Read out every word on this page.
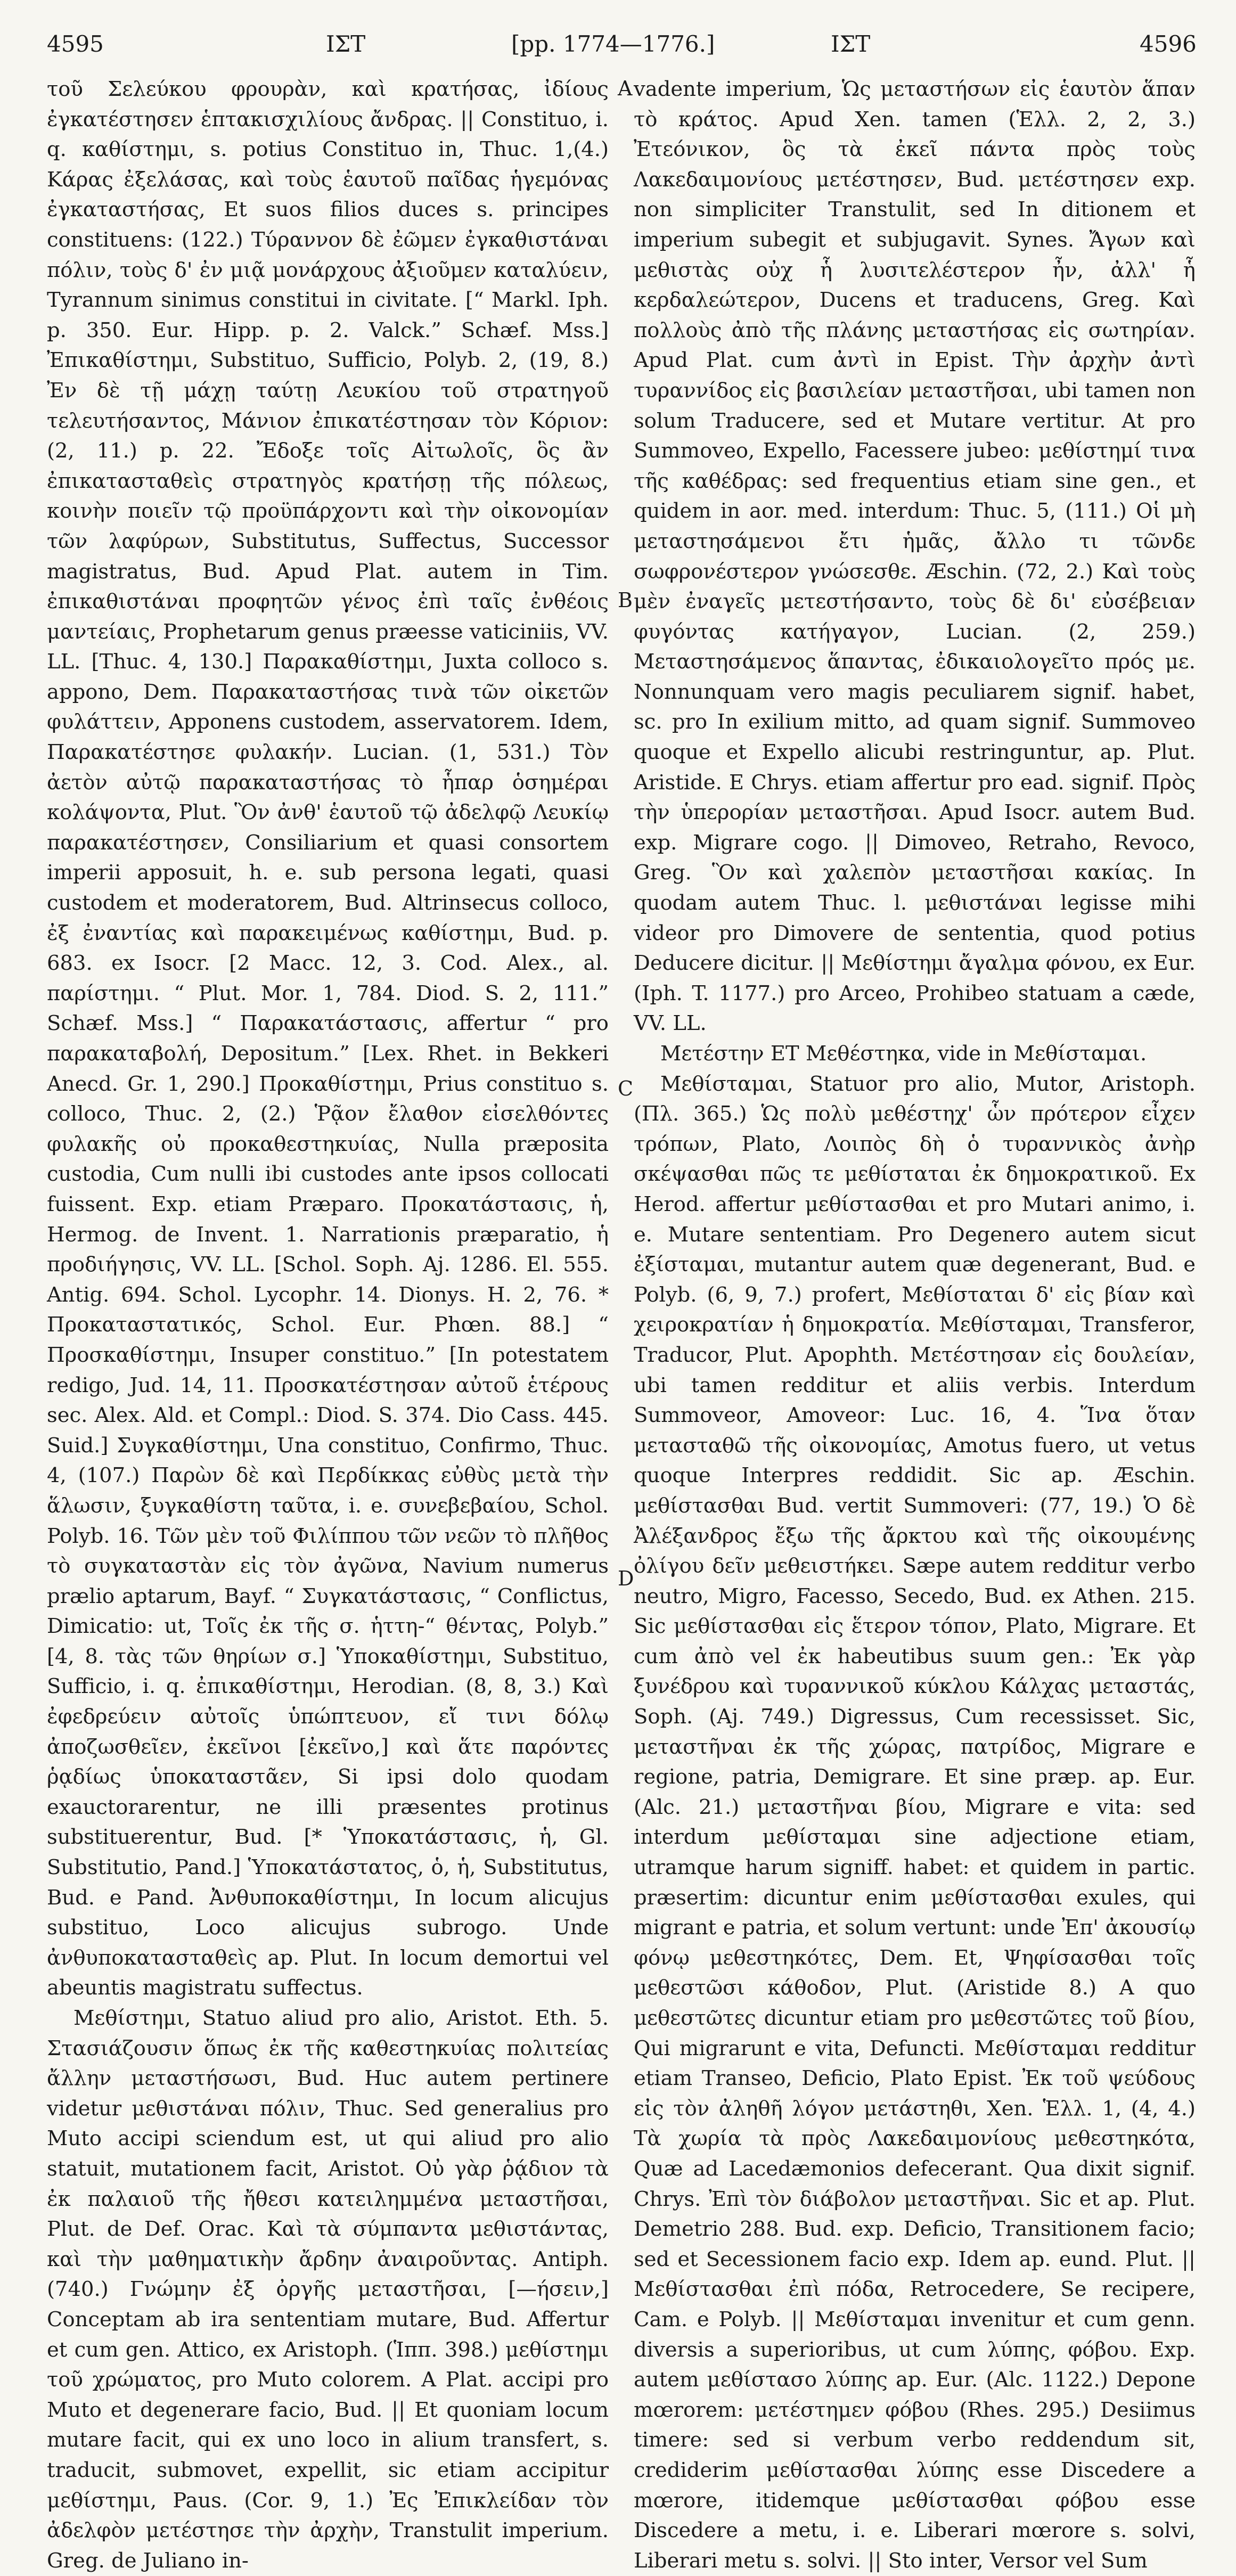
4595	ΙΣΤ	[pp. 1774—1776.]	ΙΣΤ	4596
A
B
C
D

τοῦ Σελεύκου φρουρὰν, καὶ κρατήσας, ἰδίους ἐγκατέστησεν ἑπτακισχιλίους ἄνδρας. || Constituo, i. q. καθίστημι, s. potius Constituo in, Thuc. 1,(4.) Κάρας ἐξελάσας, καὶ τοὺς ἑαυτοῦ παῖδας ἡγεμόνας ἐγκαταστήσας, Et suos filios duces s. principes constituens: (122.) Τύραννον δὲ ἐῶμεν ἐγκαθιστάναι πόλιν, τοὺς δ' ἐν μιᾷ μονάρχους ἀξιοῦμεν καταλύειν, Tyrannum sinimus constitui in civitate. [“ Markl. Iph. p. 350. Eur. Hipp. p. 2. Valck.” Schæf. Mss.] Ἐπικαθίστημι, Substituo, Sufficio, Polyb. 2, (19, 8.) Ἐν δὲ τῇ μάχῃ ταύτῃ Λευκίου τοῦ στρατηγοῦ τελευτήσαντος, Μάνιον ἐπικατέστησαν τὸν Κόριον: (2, 11.) p. 22. Ἔδοξε τοῖς Αἰτωλοῖς, ὃς ἂν ἐπικατασταθεὶς στρατηγὸς κρατήσῃ τῆς πόλεως, κοινὴν ποιεῖν τῷ προϋπάρχοντι καὶ τὴν οἰκονομίαν τῶν λαφύρων, Substitutus, Suffectus, Successor magistratus, Bud. Apud Plat. autem in Tim. ἐπικαθιστάναι προφητῶν γένος ἐπὶ ταῖς ἐνθέοις μαντείαις, Prophetarum genus præesse vaticiniis, VV. LL. [Thuc. 4, 130.] Παρακαθίστημι, Juxta colloco s. appono, Dem. Παρακαταστήσας τινὰ τῶν οἰκετῶν φυλάττειν, Apponens custodem, asservatorem. Idem, Παρακατέστησε φυλακήν. Lucian. (1, 531.) Τὸν ἀετὸν αὐτῷ παρακαταστήσας τὸ ἧπαρ ὁσημέραι κολάψοντα, Plut. Ὃν ἀνθ' ἑαυτοῦ τῷ ἀδελφῷ Λευκίῳ παρακατέστησεν, Consiliarium et quasi consortem imperii apposuit, h. e. sub persona legati, quasi custodem et moderatorem, Bud. Altrinsecus colloco, ἐξ ἐναντίας καὶ παρακειμένως καθίστημι, Bud. p. 683. ex Isocr. [2 Macc. 12, 3. Cod. Alex., al. παρίστημι. “ Plut. Mor. 1, 784. Diod. S. 2, 111.” Schæf. Mss.] “ Παρακατάστασις, affertur “ pro παρακαταβολή, Depositum.” [Lex. Rhet. in Bekkeri Anecd. Gr. 1, 290.] Προκαθίστημι, Prius constituo s. colloco, Thuc. 2, (2.) Ῥᾷον ἔλαθον εἰσελθόντες φυλακῆς οὐ προκαθεστηκυίας, Nulla præposita custodia, Cum nulli ibi custodes ante ipsos collocati fuissent. Exp. etiam Præparo. Προκατάστασις, ἡ, Hermog. de Invent. 1. Narrationis præparatio, ἡ προδιήγησις, VV. LL. [Schol. Soph. Aj. 1286. El. 555. Antig. 694. Schol. Lycophr. 14. Dionys. H. 2, 76. * Προκαταστατικός, Schol. Eur. Phœn. 88.] “ Προσκαθίστημι, Insuper constituo.” [In potestatem redigo, Jud. 14, 11. Προσκατέστησαν αὐτοῦ ἑτέρους sec. Alex. Ald. et Compl.: Diod. S. 374. Dio Cass. 445. Suid.] Συγκαθίστημι, Una constituo, Confirmo, Thuc. 4, (107.) Παρὼν δὲ καὶ Περδίκκας εὐθὺς μετὰ τὴν ἅλωσιν, ξυγκαθίστη ταῦτα, i. e. συνεβεβαίου, Schol. Polyb. 16. Τῶν μὲν τοῦ Φιλίππου τῶν νεῶν τὸ πλῆθος τὸ συγκαταστὰν εἰς τὸν ἀγῶνα, Navium numerus prælio aptarum, Bayf. “ Συγκατάστασις, “ Conflictus, Dimicatio: ut, Τοῖς ἐκ τῆς σ. ἡττη-“ θέντας, Polyb.” [4, 8. τὰς τῶν θηρίων σ.] Ὑποκαθίστημι, Substituo, Sufficio, i. q. ἐπικαθίστημι, Herodian. (8, 8, 3.) Καὶ ἐφεδρεύειν αὐτοῖς ὑπώπτευον, εἴ τινι δόλῳ ἀποζωσθεῖεν, ἐκεῖνοι [ἐκεῖνο,] καὶ ἅτε παρόντες ῥᾳδίως ὑποκαταστᾶεν, Si ipsi dolo quodam exauctorarentur, ne illi præsentes protinus substituerentur, Bud. [* Ὑποκατάστασις, ἡ, Gl. Substitutio, Pand.] Ὑποκατάστατος, ὁ, ἡ, Substitutus, Bud. e Pand. Ἀνθυποκαθίστημι, In locum alicujus substituo, Loco alicujus subrogo. Unde ἀνθυποκατασταθεὶς ap. Plut. In locum demortui vel abeuntis magistratu suffectus.

Μεθίστημι, Statuo aliud pro alio, Aristot. Eth. 5. Στασιάζουσιν ὅπως ἐκ τῆς καθεστηκυίας πολιτείας ἄλλην μεταστήσωσι, Bud. Huc autem pertinere videtur μεθιστάναι πόλιν, Thuc. Sed generalius pro Muto accipi sciendum est, ut qui aliud pro alio statuit, mutationem facit, Aristot. Οὐ γὰρ ῥᾴδιον τὰ ἐκ παλαιοῦ τῆς ἤθεσι κατειλημμένα μεταστῆσαι, Plut. de Def. Orac. Καὶ τὰ σύμπαντα μεθιστάντας, καὶ τὴν μαθηματικὴν ἄρδην ἀναιροῦντας. Antiph. (740.) Γνώμην ἐξ ὀργῆς μεταστῆσαι, [—ήσειν,] Conceptam ab ira sententiam mutare, Bud. Affertur et cum gen. Attico, ex Aristoph. (Ἱππ. 398.) μεθίστημι τοῦ χρώματος, pro Muto colorem. A Plat. accipi pro Muto et degenerare facio, Bud. || Et quoniam locum mutare facit, qui ex uno loco in alium transfert, s. traducit, submovet, expellit, sic etiam accipitur μεθίστημι, Paus. (Cor. 9, 1.) Ἐς Ἐπικλείδαν τὸν ἀδελφὸν μετέστησε τὴν ἀρχὴν, Transtulit imperium. Greg. de Juliano in-

vadente imperium, Ὡς μεταστήσων εἰς ἑαυτὸν ἅπαν τὸ κράτος. Apud Xen. tamen (Ἑλλ. 2, 2, 3.) Ἐτεόνικον, ὃς τὰ ἐκεῖ πάντα πρὸς τοὺς Λακεδαιμονίους μετέστησεν, Bud. μετέστησεν exp. non simpliciter Transtulit, sed In ditionem et imperium subegit et subjugavit. Synes. Ἄγων καὶ μεθιστὰς οὐχ ἧ λυσιτελέστερον ἦν, ἀλλ' ἧ κερδαλεώτερον, Ducens et traducens, Greg. Καὶ πολλοὺς ἀπὸ τῆς πλάνης μεταστήσας εἰς σωτηρίαν. Apud Plat. cum ἀντὶ in Epist. Τὴν ἀρχὴν ἀντὶ τυραννίδος εἰς βασιλείαν μεταστῆσαι, ubi tamen non solum Traducere, sed et Mutare vertitur. At pro Summoveo, Expello, Facessere jubeo: μεθίστημί τινα τῆς καθέδρας: sed frequentius etiam sine gen., et quidem in aor. med. interdum: Thuc. 5, (111.) Οἱ μὴ μεταστησάμενοι ἔτι ἡμᾶς, ἄλλο τι τῶνδε σωφρονέστερον γνώσεσθε. Æschin. (72, 2.) Καὶ τοὺς μὲν ἐναγεῖς μετεστήσαντο, τοὺς δὲ δι' εὐσέβειαν φυγόντας κατήγαγον, Lucian. (2, 259.) Μεταστησάμενος ἅπαντας, ἐδικαιολογεῖτο πρός με. Nonnunquam vero magis peculiarem signif. habet, sc. pro In exilium mitto, ad quam signif. Summoveo quoque et Expello alicubi restringuntur, ap. Plut. Aristide. E Chrys. etiam affertur pro ead. signif. Πρὸς τὴν ὑπερορίαν μεταστῆσαι. Apud Isocr. autem Bud. exp. Migrare cogo. || Dimoveo, Retraho, Revoco, Greg. Ὃν καὶ χαλεπὸν μεταστῆσαι κακίας. In quodam autem Thuc. l. μεθιστάναι legisse mihi videor pro Dimovere de sententia, quod potius Deducere dicitur. || Μεθίστημι ἄγαλμα φόνου, ex Eur. (Iph. T. 1177.) pro Arceo, Prohibeo statuam a cæde, VV. LL.

Μετέστην ET Μεθέστηκα, vide in Μεθίσταμαι.

Μεθίσταμαι, Statuor pro alio, Mutor, Aristoph. (Πλ. 365.) Ὡς πολὺ μεθέστηχ' ὧν πρότερον εἶχεν τρόπων, Plato, Λοιπὸς δὴ ὁ τυραννικὸς ἀνὴρ σκέψασθαι πῶς τε μεθίσταται ἐκ δημοκρατικοῦ. Ex Herod. affertur μεθίστασθαι et pro Mutari animo, i. e. Mutare sententiam. Pro Degenero autem sicut ἐξίσταμαι, mutantur autem quæ degenerant, Bud. e Polyb. (6, 9, 7.) profert, Μεθίσταται δ' εἰς βίαν καὶ χειροκρατίαν ἡ δημοκρατία. Μεθίσταμαι, Transferor, Traducor, Plut. Apophth. Μετέστησαν εἰς δουλείαν, ubi tamen redditur et aliis verbis. Interdum Summoveor, Amoveor: Luc. 16, 4. Ἵνα ὅταν μετασταθῶ τῆς οἰκονομίας, Amotus fuero, ut vetus quoque Interpres reddidit. Sic ap. Æschin. μεθίστασθαι Bud. vertit Summoveri: (77, 19.) Ὁ δὲ Ἀλέξανδρος ἔξω τῆς ἄρκτου καὶ τῆς οἰκουμένης ὀλίγου δεῖν μεθειστήκει. Sæpe autem redditur verbo neutro, Migro, Facesso, Secedo, Bud. ex Athen. 215. Sic μεθίστασθαι εἰς ἕτερον τόπον, Plato, Migrare. Et cum ἀπὸ vel ἐκ habeutibus suum gen.: Ἐκ γὰρ ξυνέδρου καὶ τυραννικοῦ κύκλου Κάλχας μεταστάς, Soph. (Aj. 749.) Digressus, Cum recessisset. Sic, μεταστῆναι ἐκ τῆς χώρας, πατρίδος, Migrare e regione, patria, Demigrare. Et sine præp. ap. Eur. (Alc. 21.) μεταστῆναι βίου, Migrare e vita: sed interdum μεθίσταμαι sine adjectione etiam, utramque harum signiff. habet: et quidem in partic. præsertim: dicuntur enim μεθίστασθαι exules, qui migrant e patria, et solum vertunt: unde Ἐπ' ἀκουσίῳ φόνῳ μεθεστηκότες, Dem. Et, Ψηφίσασθαι τοῖς μεθεστῶσι κάθοδον, Plut. (Aristide 8.) A quo μεθεστῶτες dicuntur etiam pro μεθεστῶτες τοῦ βίου, Qui migrarunt e vita, Defuncti. Μεθίσταμαι redditur etiam Transeo, Deficio, Plato Epist. Ἐκ τοῦ ψεύδους εἰς τὸν ἀληθῆ λόγον μετάστηθι, Xen. Ἑλλ. 1, (4, 4.) Τὰ χωρία τὰ πρὸς Λακεδαιμονίους μεθεστηκότα, Quæ ad Lacedæmonios defecerant. Qua dixit signif. Chrys. Ἐπὶ τὸν διάβολον μεταστῆναι. Sic et ap. Plut. Demetrio 288. Bud. exp. Deficio, Transitionem facio; sed et Secessionem facio exp. Idem ap. eund. Plut. || Μεθίστασθαι ἐπὶ πόδα, Retrocedere, Se recipere, Cam. e Polyb. || Μεθίσταμαι invenitur et cum genn. diversis a superioribus, ut cum λύπης, φόβου. Exp. autem μεθίστασο λύπης ap. Eur. (Alc. 1122.) Depone mœrorem: μετέστημεν φόβου (Rhes. 295.) Desiimus timere: sed si verbum verbo reddendum sit, crediderim μεθίστασθαι λύπης esse Discedere a mœrore, itidemque μεθίστασθαι φόβου esse Discedere a metu, i. e. Liberari mœrore s. solvi, Liberari metu s. solvi. || Sto inter, Versor vel Sum
